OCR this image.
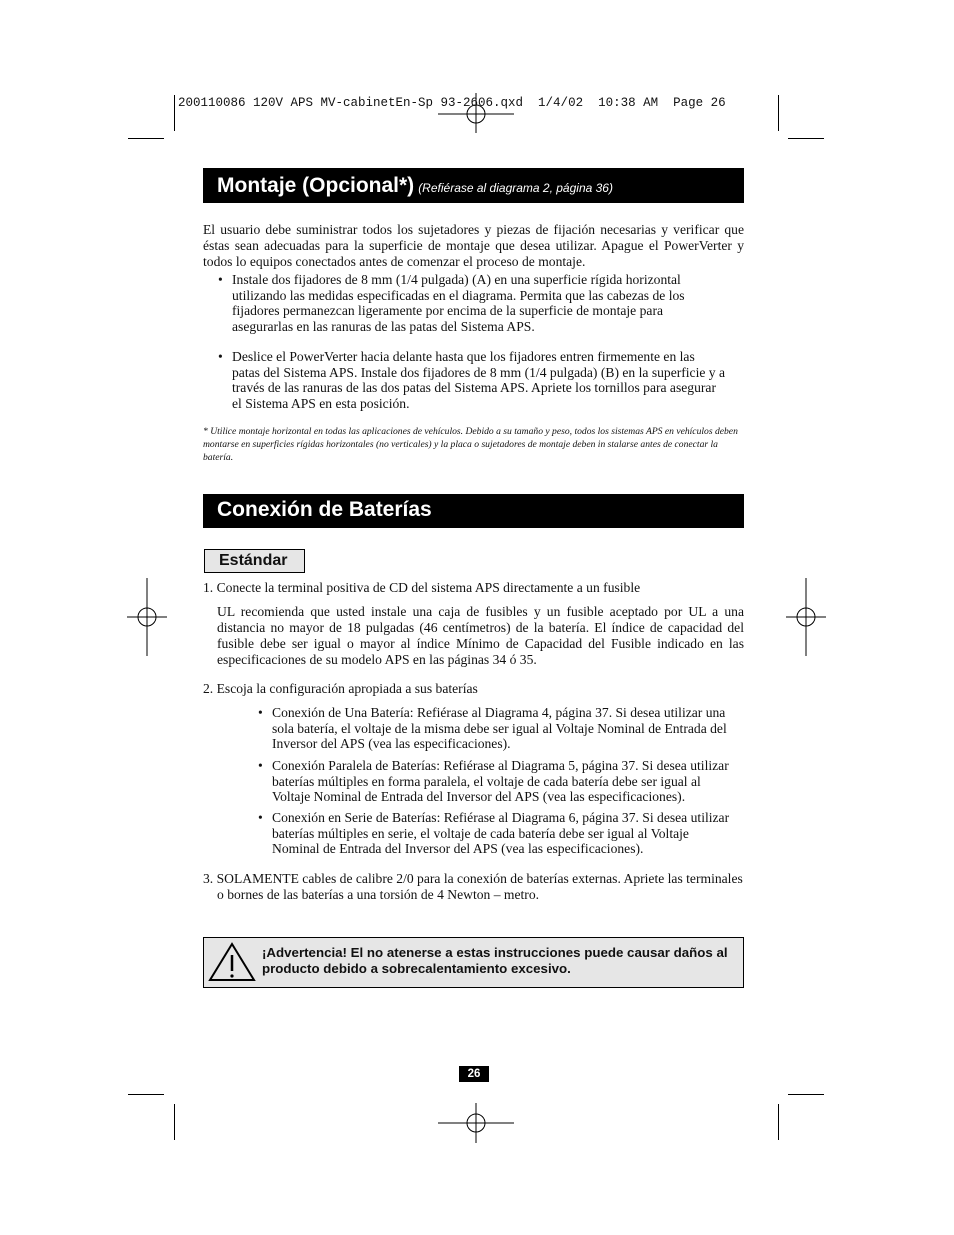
200110086 120V APS MV-cabinetEn-Sp 93-2606.qxd  1/4/02  10:38 AM  Page 26
Montaje (Opcional*) (Refiérase al diagrama 2, página 36)
El usuario debe suministrar todos los sujetadores y piezas de fijación necesarias y verificar que éstas sean adecuadas para la superficie de montaje que desea utilizar. Apague el PowerVerter y todos lo equipos conectados antes de comenzar el proceso de montaje.
• Instale dos fijadores de 8 mm (1/4 pulgada) (A) en una superficie rígida horizontal utilizando las medidas especificadas en el diagrama. Permita que las cabezas de los fijadores permanezcan ligeramente por encima de la superficie de montaje para asegurarlas en las ranuras de las patas del Sistema APS.
• Deslice el PowerVerter hacia delante hasta que los fijadores entren firmemente en las patas del Sistema APS. Instale dos fijadores de 8 mm (1/4 pulgada) (B) en la superficie y a través de las ranuras de las dos patas del Sistema APS. Apriete los tornillos para asegurar el Sistema APS en esta posición.
* Utilice montaje horizontal en todas las aplicaciones de vehículos. Debido a su tamaño y peso, todos los sistemas APS en vehículos deben montarse en superficies rígidas horizontales (no verticales) y la placa o sujetadores de montaje deben in stalarse antes de conectar la batería.
Conexión de Baterías
Estándar
1. Conecte la terminal positiva de CD del sistema APS directamente a un fusible
UL recomienda que usted instale una caja de fusibles y un fusible aceptado por UL a una distancia no mayor de 18 pulgadas (46 centímetros) de la batería. El índice de capacidad del fusible debe ser igual o mayor al índice Mínimo de Capacidad del Fusible indicado en las especificaciones de su modelo APS en las páginas 34 ó 35.
2. Escoja la configuración apropiada a sus baterías
• Conexión de Una Batería: Refiérase al Diagrama 4, página 37. Si desea utilizar una sola batería, el voltaje de la misma debe ser igual al Voltaje Nominal de Entrada del Inversor del APS (vea las especificaciones).
• Conexión Paralela de Baterías: Refiérase al Diagrama 5, página 37. Si desea utilizar baterías múltiples en forma paralela, el voltaje de cada batería debe ser igual al Voltaje Nominal de Entrada del Inversor del APS (vea las especificaciones).
• Conexión en Serie de Baterías: Refiérase al Diagrama 6, página 37. Si desea utilizar baterías múltiples en serie, el voltaje de cada batería debe ser igual al Voltaje Nominal de Entrada del Inversor del APS (vea las especificaciones).
3. SOLAMENTE cables de calibre 2/0 para la conexión de baterías externas. Apriete las terminales o bornes de las baterías a una torsión de 4 Newton – metro.
¡Advertencia! El no atenerse a estas instrucciones puede causar daños al producto debido a sobrecalentamiento excesivo.
26
